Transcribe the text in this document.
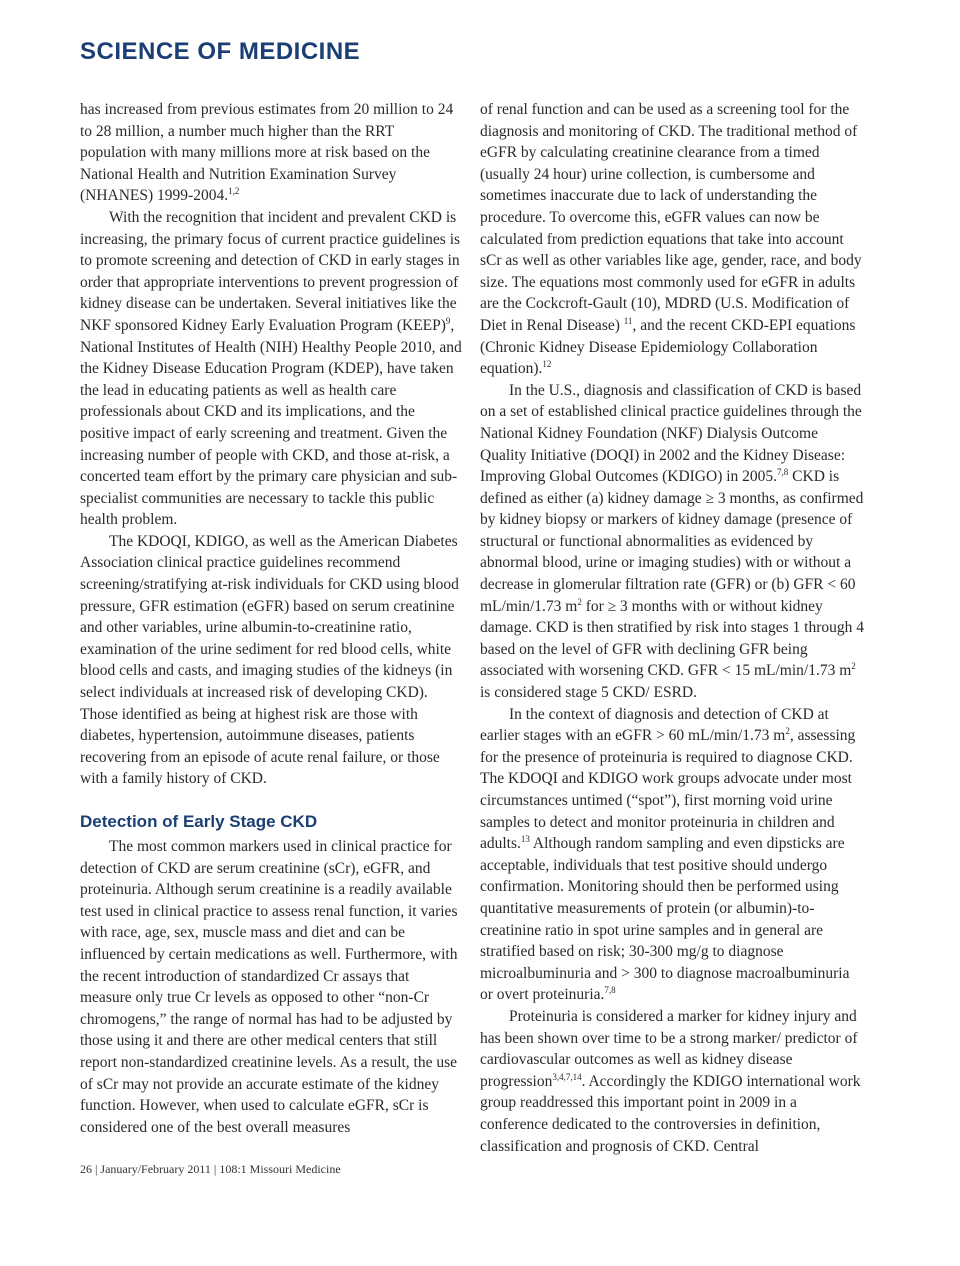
SCIENCE OF MEDICINE

has increased from previous estimates from 20 million to 24 to 28 million, a number much higher than the RRT population with many millions more at risk based on the National Health and Nutrition Examination Survey (NHANES) 1999-2004.$^{1,2}$

With the recognition that incident and prevalent CKD is increasing, the primary focus of current practice guidelines is to promote screening and detection of CKD in early stages in order that appropriate interventions to prevent progression of kidney disease can be undertaken. Several initiatives like the NKF sponsored Kidney Early Evaluation Program (KEEP)$^9$, National Institutes of Health (NIH) Healthy People 2010, and the Kidney Disease Education Program (KDEP), have taken the lead in educating patients as well as health care professionals about CKD and its implications, and the positive impact of early screening and treatment. Given the increasing number of people with CKD, and those at-risk, a concerted team effort by the primary care physician and sub-specialist communities are necessary to tackle this public health problem.

The KDOQI, KDIGO, as well as the American Diabetes Association clinical practice guidelines recommend screening/stratifying at-risk individuals for CKD using blood pressure, GFR estimation (eGFR) based on serum creatinine and other variables, urine albumin-to-creatinine ratio, examination of the urine sediment for red blood cells, white blood cells and casts, and imaging studies of the kidneys (in select individuals at increased risk of developing CKD). Those identified as being at highest risk are those with diabetes, hypertension, autoimmune diseases, patients recovering from an episode of acute renal failure, or those with a family history of CKD.

Detection of Early Stage CKD

The most common markers used in clinical practice for detection of CKD are serum creatinine (sCr), eGFR, and proteinuria. Although serum creatinine is a readily available test used in clinical practice to assess renal function, it varies with race, age, sex, muscle mass and diet and can be influenced by certain medications as well. Furthermore, with the recent introduction of standardized Cr assays that measure only true Cr levels as opposed to other “non-Cr chromogens,” the range of normal has had to be adjusted by those using it and there are other medical centers that still report non-standardized creatinine levels. As a result, the use of sCr may not provide an accurate estimate of the kidney function. However, when used to calculate eGFR, sCr is considered one of the best overall measures

of renal function and can be used as a screening tool for the diagnosis and monitoring of CKD. The traditional method of eGFR by calculating creatinine clearance from a timed (usually 24 hour) urine collection, is cumbersome and sometimes inaccurate due to lack of understanding the procedure. To overcome this, eGFR values can now be calculated from prediction equations that take into account sCr as well as other variables like age, gender, race, and body size. The equations most commonly used for eGFR in adults are the Cockcroft-Gault (10), MDRD (U.S. Modification of Diet in Renal Disease) $^{11}$, and the recent CKD-EPI equations (Chronic Kidney Disease Epidemiology Collaboration equation).$^{12}$

In the U.S., diagnosis and classification of CKD is based on a set of established clinical practice guidelines through the National Kidney Foundation (NKF) Dialysis Outcome Quality Initiative (DOQI) in 2002 and the Kidney Disease: Improving Global Outcomes (KDIGO) in 2005.$^{7,8}$ CKD is defined as either (a) kidney damage ≥ 3 months, as confirmed by kidney biopsy or markers of kidney damage (presence of structural or functional abnormalities as evidenced by abnormal blood, urine or imaging studies) with or without a decrease in glomerular filtration rate (GFR) or (b) GFR < 60 mL/min/1.73 $m^2$ for ≥ 3 months with or without kidney damage. CKD is then stratified by risk into stages 1 through 4 based on the level of GFR with declining GFR being associated with worsening CKD. GFR < 15 mL/min/1.73 $m^2$ is considered stage 5 CKD/ ESRD.

In the context of diagnosis and detection of CKD at earlier stages with an eGFR > 60 mL/min/1.73 $m^2$, assessing for the presence of proteinuria is required to diagnose CKD. The KDOQI and KDIGO work groups advocate under most circumstances untimed (“spot”), first morning void urine samples to detect and monitor proteinuria in children and adults.$^{13}$ Although random sampling and even dipsticks are acceptable, individuals that test positive should undergo confirmation. Monitoring should then be performed using quantitative measurements of protein (or albumin)-to-creatinine ratio in spot urine samples and in general are stratified based on risk; 30-300 mg/g to diagnose microalbuminuria and > 300 to diagnose macroalbuminuria or overt proteinuria.$^{7,8}$

Proteinuria is considered a marker for kidney injury and has been shown over time to be a strong marker/ predictor of cardiovascular outcomes as well as kidney disease progression$^{3,4,7,14}$. Accordingly the KDIGO international work group readdressed this important point in 2009 in a conference dedicated to the controversies in definition, classification and prognosis of CKD. Central

26 | January/February 2011 | 108:1 Missouri Medicine
